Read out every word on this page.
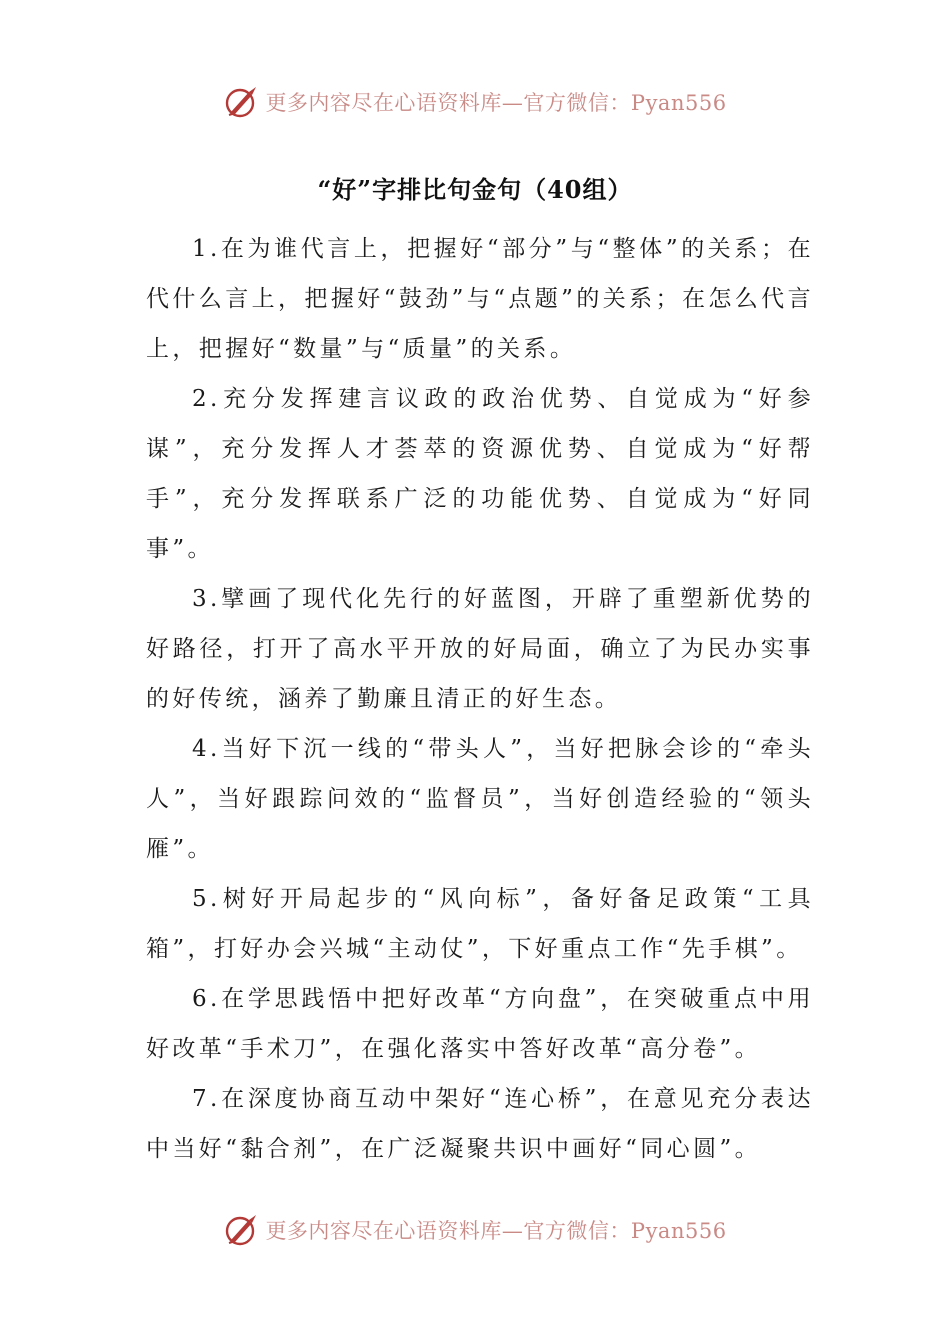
更多内容尽在心语资料库—官方微信：Pyan556
“好”字排比句金句（40组）

1.在为谁代言上，把握好“部分”与“整体”的关系；在代什么言上，把握好“鼓劲”与“点题”的关系；在怎么代言上，把握好“数量”与“质量”的关系。

2.充分发挥建言议政的政治优势、自觉成为“好参谋”，充分发挥人才荟萃的资源优势、自觉成为“好帮手”，充分发挥联系广泛的功能优势、自觉成为“好同事”。

3.擘画了现代化先行的好蓝图，开辟了重塑新优势的好路径，打开了高水平开放的好局面，确立了为民办实事的好传统，涵养了勤廉且清正的好生态。

4.当好下沉一线的“带头人”，当好把脉会诊的“牵头人”，当好跟踪问效的“监督员”，当好创造经验的“领头雁”。

5.树好开局起步的“风向标”，备好备足政策“工具箱”，打好办会兴城“主动仗”，下好重点工作“先手棋”。

6.在学思践悟中把好改革“方向盘”，在突破重点中用好改革“手术刀”，在强化落实中答好改革“高分卷”。

7.在深度协商互动中架好“连心桥”，在意见充分表达中当好“黏合剂”，在广泛凝聚共识中画好“同心圆”。

更多内容尽在心语资料库—官方微信：Pyan556
